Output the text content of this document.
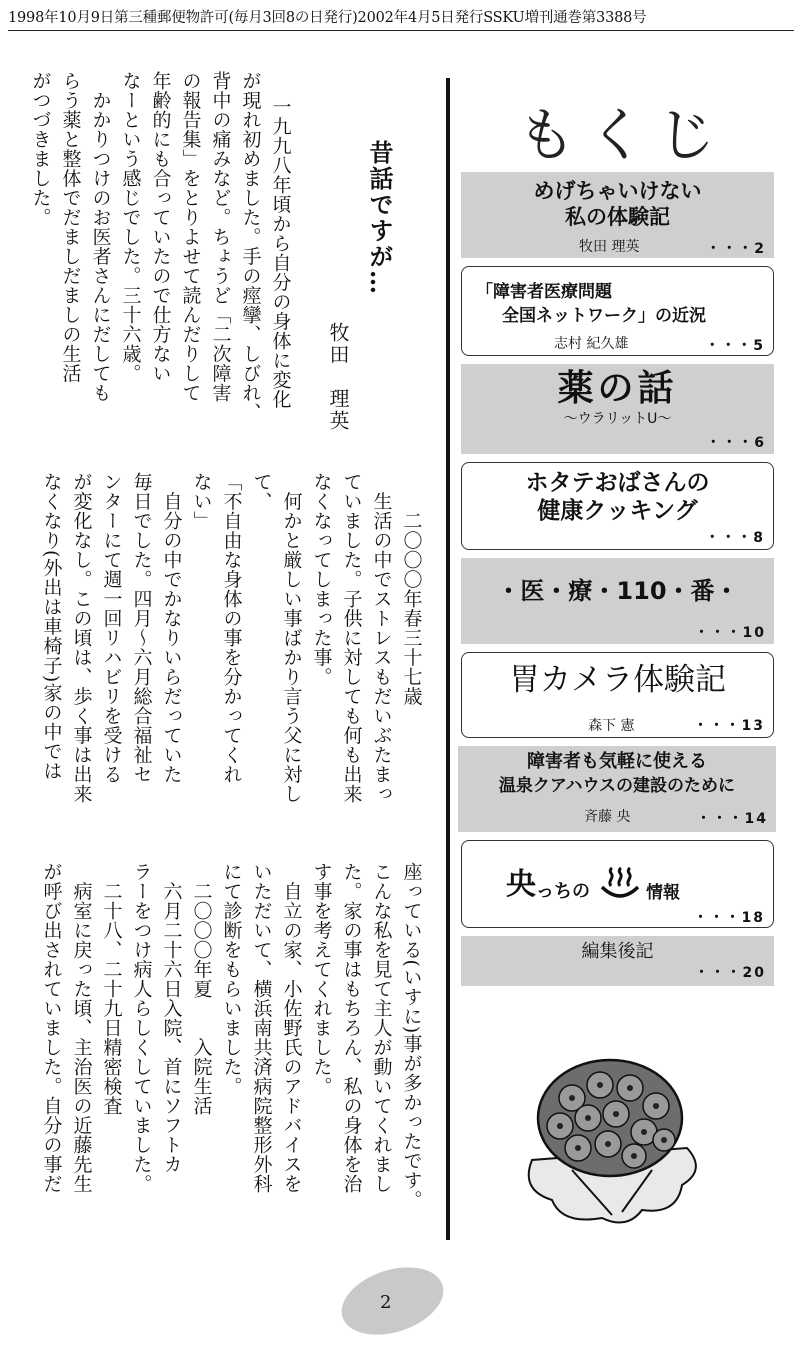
1998年10月9日第三種郵便物許可(毎月3回8の日発行)2002年4月5日発行SSKU増刊通巻第3388号
昔話ですが…
牧田　理英
一九九八年頃から自分の身体に変化
が現れ初めました。手の痙攣、しびれ、
背中の痛みなど。ちょうど「二次障害
の報告集」をとりよせて読んだりして
年齢的にも合っていたので仕方ない
なーという感じでした。三十六歳。
　かかりつけのお医者さんにだしても
らう薬と整体でだましだましの生活
がつづきました。
　　二〇〇〇年春三十七歳
　生活の中でストレスもだいぶたまっ
ていました。子供に対しても何も出来
なくなってしまった事。
　何かと厳しい事ばかり言う父に対し
て、
「不自由な身体の事を分かってくれ
ない」
　自分の中でかなりいらだっていた
毎日でした。四月～六月総合福祉セ
ンターにて週一回リハビリを受ける
が変化なし。この頃は、歩く事は出来
なくなり(外出は車椅子)家の中では
座っている(いすに)事が多かったです。
こんな私を見て主人が動いてくれまし
た。家の事はもちろん、私の身体を治
す事を考えてくれました。
　自立の家、小佐野氏のアドバイスを
いただいて、横浜南共済病院整形外科
にて診断をもらいました。
　二〇〇〇年夏　　入院生活
　六月二十六日入院、首にソフトカ
ラーをつけ病人らしくしていました。
　二十八、二十九日精密検査
　病室に戻った頃、主治医の近藤先生
が呼び出されていました。自分の事だ
もくじ
めげちゃいけない
私の体験記
牧田 理英	・・・2
「障害者医療問題
全国ネットワーク」の近況
志村 紀久雄	・・・5
薬の話
～ウラリットU～
・・・6
ホタテおばさんの
健康クッキング
・・・8
・医・療・110・番・
・・・10
胃カメラ体験記
森下 憲	・・・13
障害者も気軽に使える
温泉クアハウスの建設のために
斉藤 央	・・・14
央 っちの	情報
・・・18
編集後記
・・・20
2
